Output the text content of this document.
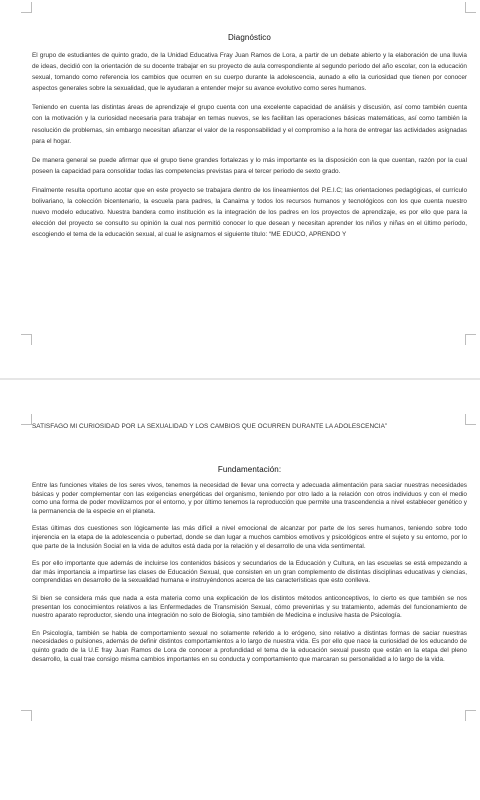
Diagnóstico

El grupo de estudiantes de quinto grado, de la Unidad Educativa Fray Juan Ramos de Lora, a partir de un debate abierto y la elaboración de una lluvia de ideas, decidió con la orientación de su docente trabajar en su proyecto de aula correspondiente al segundo período del año escolar, con la educación sexual, tomando como referencia los cambios que ocurren en su cuerpo durante la adolescencia, aunado a ello la curiosidad que tienen por conocer aspectos generales sobre la sexualidad, que le ayudaran a entender mejor su avance evolutivo como seres humanos.

Teniendo en cuenta las distintas áreas de aprendizaje el grupo cuenta con una excelente capacidad de análisis y discusión, así como también cuenta con la motivación y la curiosidad necesaria para trabajar en temas nuevos, se les facilitan las operaciones básicas matemáticas, así como también la resolución de problemas, sin embargo necesitan afianzar el valor de la responsabilidad y el compromiso a la hora de entregar las actividades asignadas para el hogar.

De manera general se puede afirmar que el grupo tiene grandes fortalezas y lo más importante es la disposición con la que cuentan, razón por la cual poseen la capacidad para consolidar todas las competencias previstas para el tercer periodo de sexto grado.

Finalmente resulta oportuno acotar que en este proyecto se trabajara dentro de los lineamientos del P.E.I.C; las orientaciones pedagógicas, el currículo bolivariano, la colección bicentenario, la escuela para padres, la Canaima y todos los recursos humanos y tecnológicos con los que cuenta nuestro nuevo modelo educativo. Nuestra bandera como institución es la integración de los padres en los proyectos de aprendizaje, es por ello que para la elección del proyecto se consulto su opinión la cual nos permitió conocer lo que desean y necesitan aprender los niños y niñas en el último período, escogiendo el tema de la educación sexual, al cual le asignamos el siguiente título: “ME EDUCO, APRENDO Y

SATISFAGO MI CURIOSIDAD POR LA SEXUALIDAD Y LOS CAMBIOS QUE OCURREN DURANTE LA ADOLESCENCIA”
Fundamentación:

Entre las funciones vitales de los seres vivos, tenemos la necesidad de llevar una correcta y adecuada alimentación para saciar nuestras necesidades básicas y poder complementar con las exigencias energéticas del organismo, teniendo por otro lado a la relación con otros individuos y con el medio como una forma de poder movilizarnos por el entorno, y por último tenemos la reproducción que permite una trascendencia a nivel establecer genético y la permanencia de la especie en el planeta.

Estas últimas dos cuestiones son lógicamente las más difícil a nivel emocional de alcanzar por parte de los seres humanos, teniendo sobre todo injerencia en la etapa de la adolescencia o pubertad, donde se dan lugar a muchos cambios emotivos y psicológicos entre el sujeto y su entorno, por lo que parte de la Inclusión Social en la vida de adultos está dada por la relación y el desarrollo de una vida sentimental.

Es por ello importante que además de incluirse los contenidos básicos y secundarios de la Educación y Cultura, en las escuelas se está empezando a dar más importancia a impartirse las clases de Educación Sexual, que consisten en un gran complemento de distintas disciplinas educativas y ciencias, comprendidas en desarrollo de la sexualidad humana e instruyéndonos acerca de las características que esto conlleva.

Si bien se considera más que nada a esta materia como una explicación de los distintos métodos anticonceptivos, lo cierto es que también se nos presentan los conocimientos relativos a las Enfermedades de Transmisión Sexual, cómo prevenirlas y su tratamiento, además del funcionamiento de nuestro aparato reproductor, siendo una integración no solo de Biología, sino también de Medicina e inclusive hasta de Psicología.

En Psicología, también se habla de comportamiento sexual no solamente referido a lo erógeno, sino relativo a distintas formas de saciar nuestras necesidades o pulsiones, además de definir distintos comportamientos a lo largo de nuestra vida. Es por ello que nace la curiosidad de los educando de quinto grado de la U.E fray Juan Ramos de Lora de conocer a profundidad el tema de la educación sexual puesto que están en la etapa del pleno desarrollo, la cual trae consigo misma cambios importantes en su conducta y comportamiento que marcaran su personalidad a lo largo de la vida.
